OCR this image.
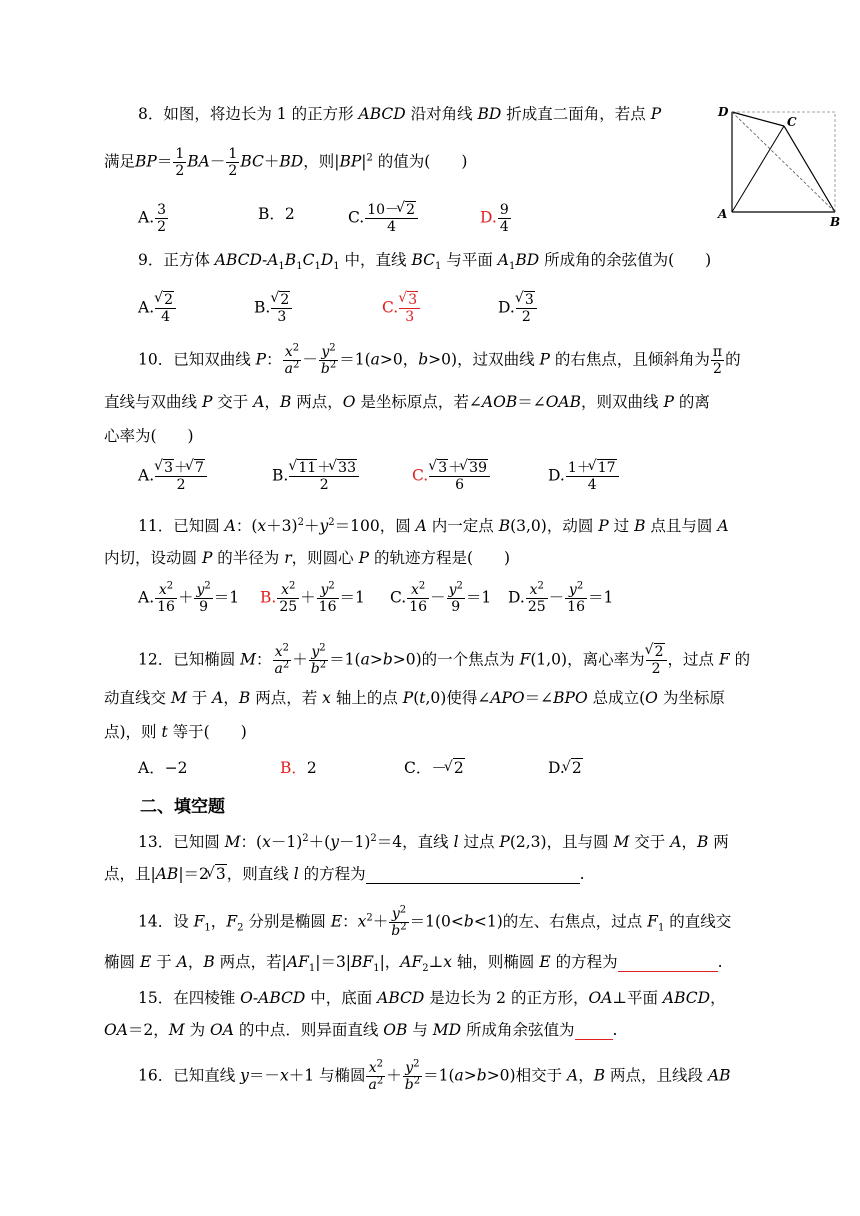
D
C
A
B
8．如图，将边长为 1 的正方形 ABCD 沿对角线 BD 折成直二面角，若点 P
满足$BP= \frac{1}{2} BA- \frac{1}{2} BC+BD$，则$|BP|^2$ 的值为(　　)
A. $\frac{3}{2}$	B．2	C. $\frac{10- √ 2}{4}$	D. $\frac{9}{4}$
9．正方体 ABCD-$A_1B_1C_1D_1$ 中，直线 $BC_1$ 与平面 $A_1BD$ 所成角的余弦值为(　　)
A. √ $\frac{2}{4}$	B. √ $\frac{2}{3}$	C. √ $\frac{3}{3}$	D. √ $\frac{3}{2}$
10．已知双曲线 P： $\frac{x^2}{a^2} - \frac{y^2}{b^2} =1(a>0$，b>0)，过双曲线 P 的右焦点，且倾斜角为 $\frac{\pi}{2}$ 的
直线与双曲线 P 交于 A，B 两点，O 是坐标原点，若∠AOB＝∠OAB，则双曲线 P 的离
心率为(　　)
A. √ $\frac{3+ √ 7}{2}$	B. √ $\frac{11+ √ 33}{2}$	C. √ $\frac{3+ √ 39}{6}$	D. $\frac{1+ √ 17}{4}$
11．已知圆 A：$(x+3)^2+y^2=100$，圆 A 内一定点 B(3,0)，动圆 P 过 B 点且与圆 A
内切，设动圆 P 的半径为 r，则圆心 P 的轨迹方程是(　　)
A. $\frac{x^2}{16} + \frac{y^2}{9} =1$ B. $\frac{x^2}{25} + \frac{y^2}{16} =1$ C. $\frac{x^2}{16} - \frac{y^2}{9} =1$ D. $\frac{x^2}{25} - \frac{y^2}{16} =1$
12．已知椭圆 M： $\frac{x^2}{a^2} + \frac{y^2}{b^2} =1(a>b>0)$的一个焦点为 F(1,0)，离心率为 √ $\frac{2}{2}$ ，过点 F 的
动直线交 M 于 A，B 两点，若 x 轴上的点 P(t,0)使得∠APO＝∠BPO 总成立(O 为坐标原
点)，则 t 等于(　　)
A．−2	B．2	C．－ √ 2	D. √ 2
二、填空题
13．已知圆 M：$(x-1)^2+(y-1)^2=4$，直线 l 过点 P(2,3)，且与圆 M 交于 A，B 两
点，且|AB|＝2 √ 3，则直线 l 的方程为	.
14．设 $F_1$，$F_2$ 分别是椭圆 E：$x^2+ \frac{y^2}{b^2} =1(0<b<1)$的左、右焦点，过点 $F_1$ 的直线交
椭圆 E 于 A，B 两点，若$|AF_1|=3|BF_1|$，$AF_2\perp x$ 轴，则椭圆 E 的方程为	.
15．在四棱锥 O-ABCD 中，底面 ABCD 是边长为 2 的正方形，OA⊥平面 ABCD，
OA＝2，M 为 OA 的中点．则异面直线 OB 与 MD 所成角余弦值为 .
16．已知直线 y＝－x＋1 与椭圆 $\frac{x^2}{a^2} + \frac{y^2}{b^2} =1(a>b>0)$相交于 A，B 两点，且线段 AB
